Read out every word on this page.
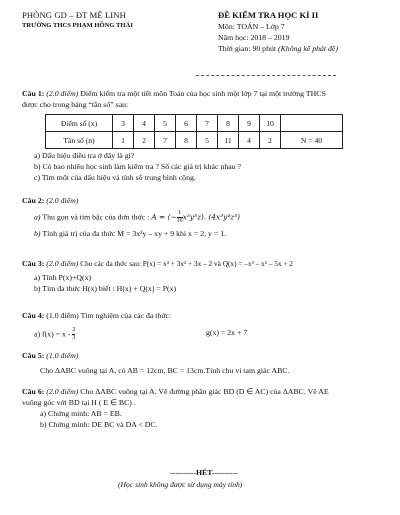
PHÒNG GD – ĐT MÊ LINH
TRƯỜNG THCS PHẠM HỒNG THÁI
ĐỀ KIỂM TRA HỌC KÌ II
Môn: TOÁN – Lớp 7
Năm học: 2018 – 2019
Thời gian: 90 phút (Không kể phát đề)
Câu 1: (2.0 điểm) Điểm kiểm tra một tiết môn Toán của học sinh một lớp 7 tại một trường THCS
được cho trong bảng “tần số” sau:
Điểm số (x)	3	4	5	6	7	8	9	10	
Tần số (n)	1	2	7	8	5	11	4	2	N = 40
a) Dấu hiệu điều tra ở đây là gì?
b) Có bao nhiêu học sinh làm kiểm tra ? Số các giá trị khác nhau ?
c) Tìm mốt của dấu hiệu và tính số trung bình cộng.
Câu 2: (2.0 điểm)
a) Thu gọn và tìm bậc của đơn thức : A = (− $\frac{1}{16} x^2y^3z$). (4x³y⁴z³)
b) Tính giá trị của đa thức M = 3x²y – xy + 9 khi x = 2, y = 1.
Câu 3: (2.0 điểm) Cho các đa thức sau: P(x) = x³ + 3x² + 3x – 2 và Q(x) = –x³ – x² – 5x + 2
a) Tính P(x)+Q(x)
b) Tìm đa thức H(x) biết : H(x) + Q(x) = P(x)
Câu 4: (1.0 điểm) Tìm nghiệm của các đa thức:
a) $f(x) = x - \frac{2}{3}$	g(x) = 2x + 7
Câu 5: (1.0 điểm)
Cho ΔABC vuông tại A, có AB = 12cm, BC = 13cm.Tính chu vi tam giác ABC.
Câu 6: (2.0 điểm) Cho ΔABC vuông tại A. Vẽ đường phân giác BD (D ∈ AC) của ΔABC. Vẽ AE
vuông góc với BD tại H ( E ∈ BC) .
a) Chứng minh: AB = EB.
b) Chứng minh: DE BC và DA < DC.
----------HẾT----------
(Học sinh không được sử dụng máy tính)
